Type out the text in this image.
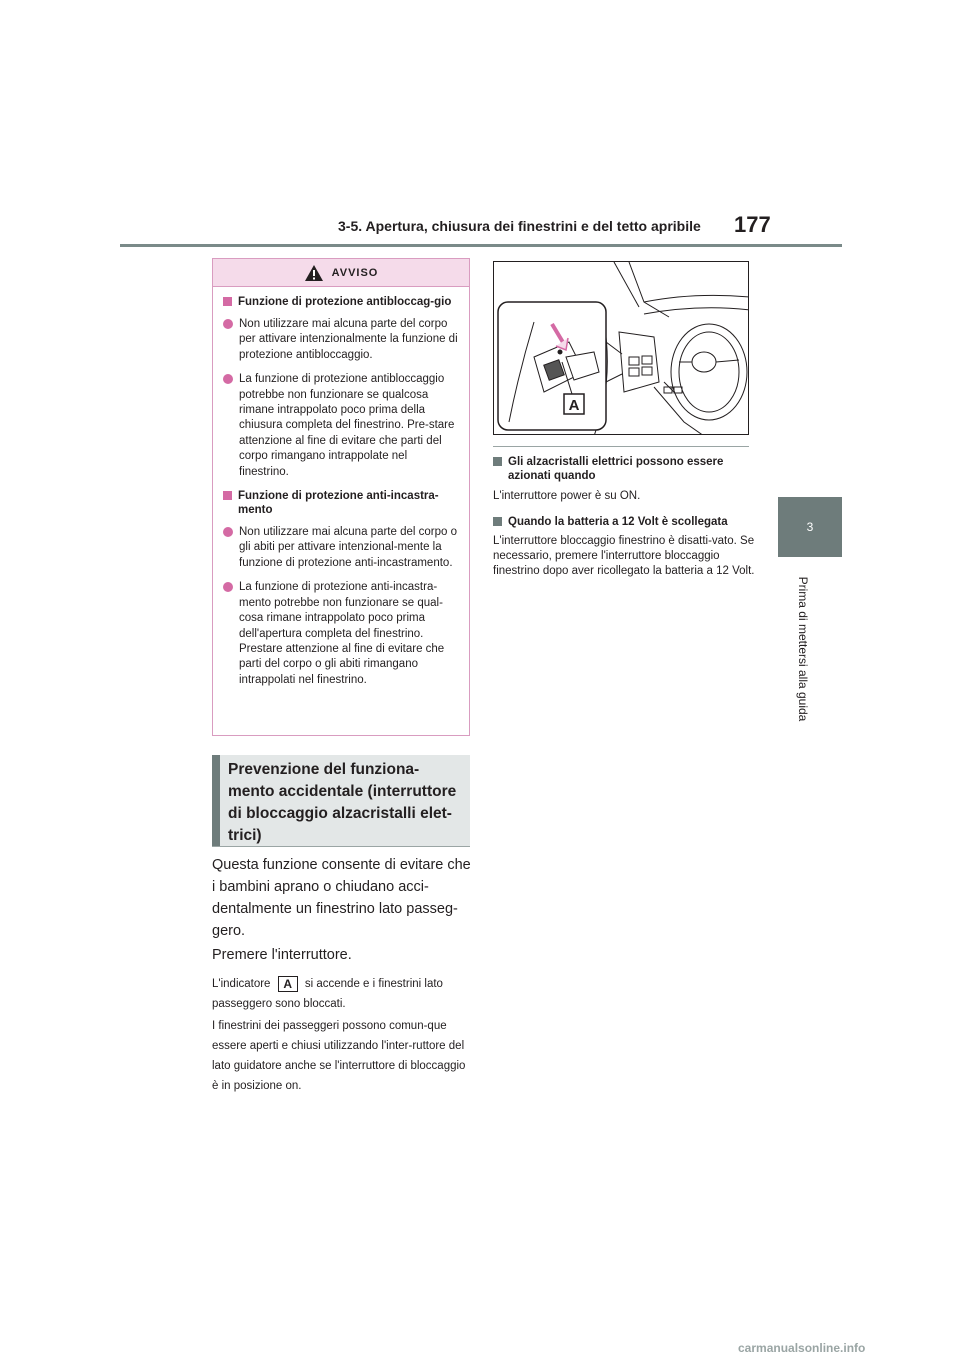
3-5. Apertura, chiusura dei finestrini e del tetto apribile 177
3
Prima di mettersi alla guida
AVVISO
Funzione di protezione antibloccag-gio
Non utilizzare mai alcuna parte del corpo per attivare intenzionalmente la funzione di protezione antibloccaggio.
La funzione di protezione antibloccaggio potrebbe non funzionare se qualcosa rimane intrappolato poco prima della chiusura completa del finestrino. Pre-stare attenzione al fine di evitare che parti del corpo rimangano intrappolate nel finestrino.
Funzione di protezione anti-incastra-mento
Non utilizzare mai alcuna parte del corpo o gli abiti per attivare intenzional-mente la funzione di protezione anti-incastramento.
La funzione di protezione anti-incastra-mento potrebbe non funzionare se qual-cosa rimane intrappolato poco prima dell'apertura completa del finestrino. Prestare attenzione al fine di evitare che parti del corpo o gli abiti rimangano intrappolati nel finestrino.
Prevenzione del funziona-mento accidentale (interruttore di bloccaggio alzacristalli elet-trici)
Questa funzione consente di evitare che i bambini aprano o chiudano acci-dentalmente un finestrino lato passeg-gero.
Premere l'interruttore.
L'indicatore A si accende e i finestrini lato passeggero sono bloccati.
I finestrini dei passeggeri possono comun-que essere aperti e chiusi utilizzando l'inter-ruttore del lato guidatore anche se l'interruttore di bloccaggio è in posizione on.
A
Gli alzacristalli elettrici possono essere azionati quando
L'interruttore power è su ON.
Quando la batteria a 12 Volt è scollegata
L'interruttore bloccaggio finestrino è disatti-vato. Se necessario, premere l'interruttore bloccaggio finestrino dopo aver ricollegato la batteria a 12 Volt.
carmanualsonline.info
